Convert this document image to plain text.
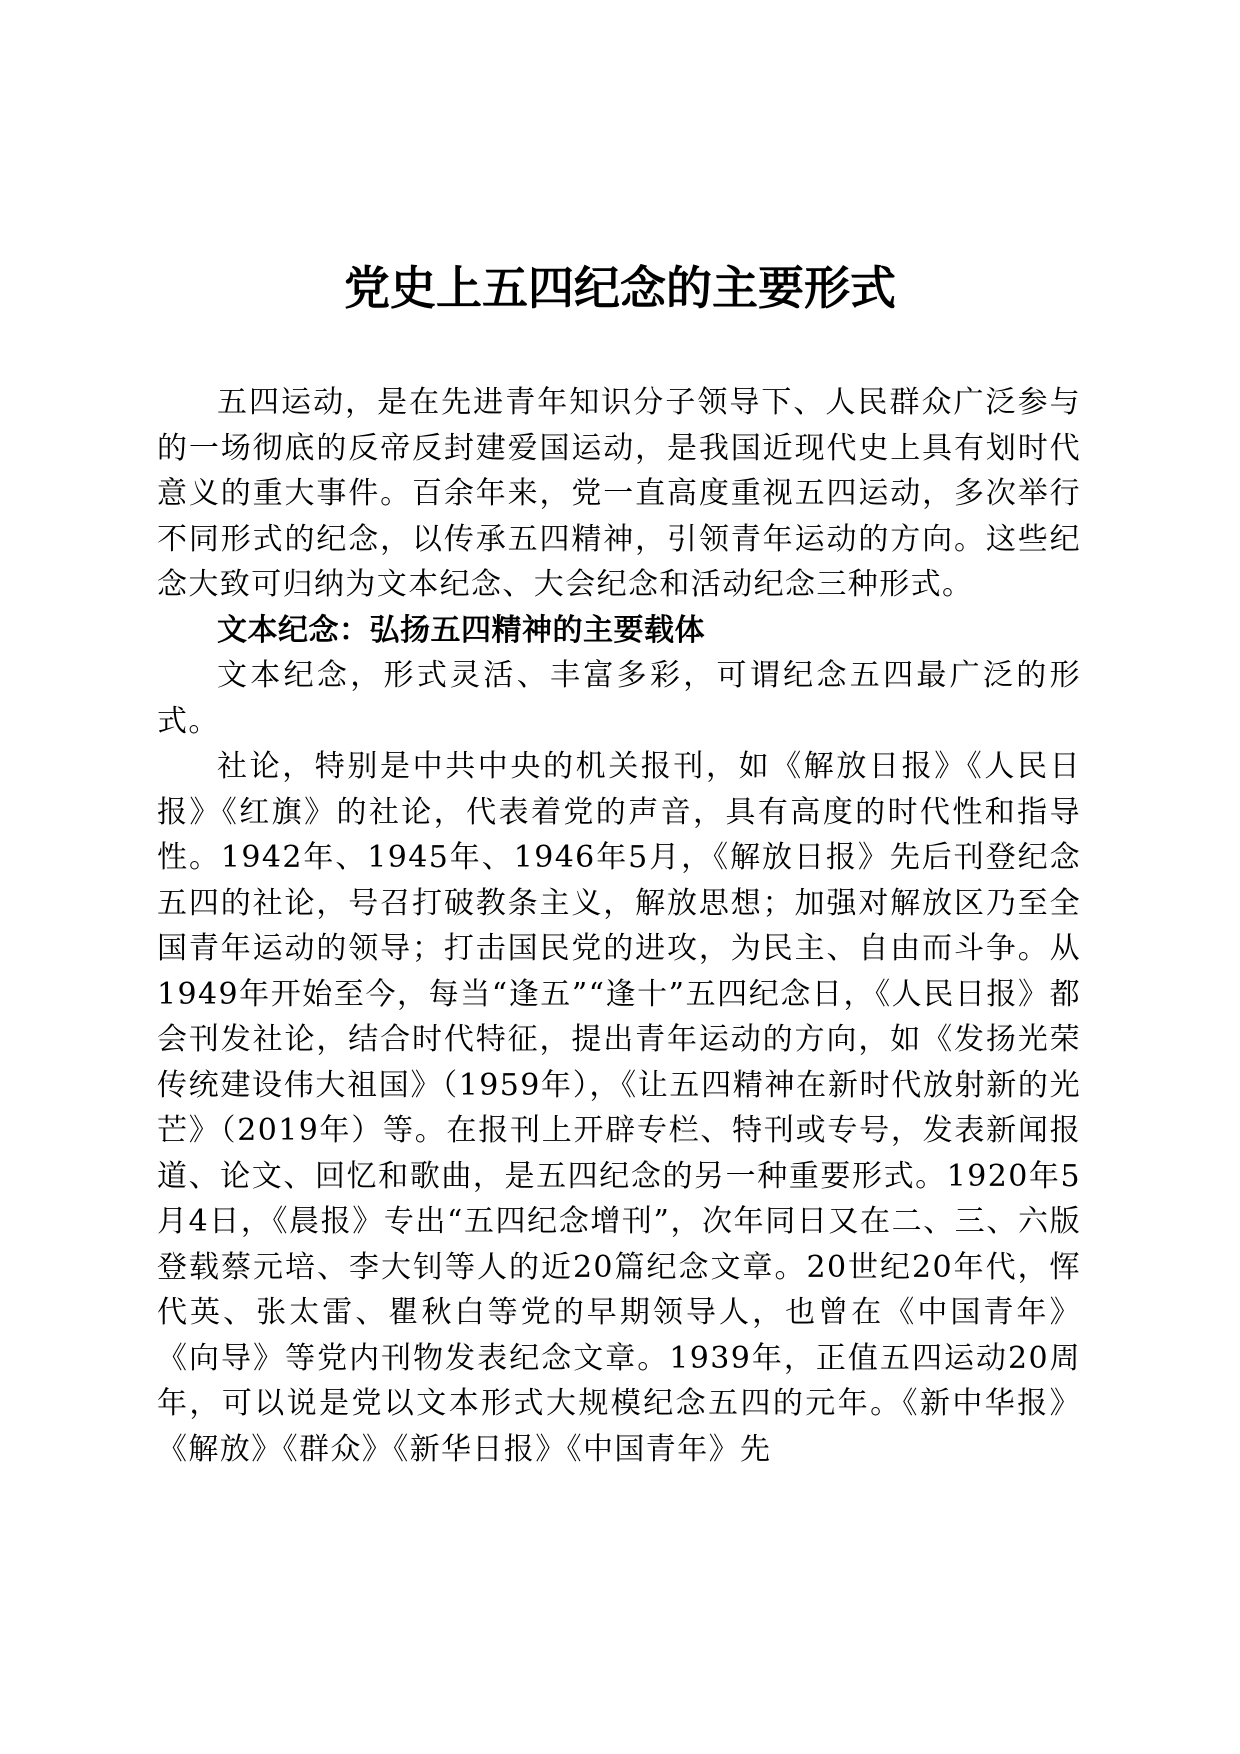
党史上五四纪念的主要形式

五四运动，是在先进青年知识分子领导下、人民群众广泛参与的一场彻底的反帝反封建爱国运动，是我国近现代史上具有划时代意义的重大事件。百余年来，党一直高度重视五四运动，多次举行不同形式的纪念，以传承五四精神，引领青年运动的方向。这些纪念大致可归纳为文本纪念、大会纪念和活动纪念三种形式。

文本纪念：弘扬五四精神的主要载体

文本纪念，形式灵活、丰富多彩，可谓纪念五四最广泛的形式。

社论，特别是中共中央的机关报刊，如《解放日报》《人民日报》《红旗》的社论，代表着党的声音，具有高度的时代性和指导性。1942年、1945年、1946年5月，《解放日报》先后刊登纪念五四的社论，号召打破教条主义，解放思想；加强对解放区乃至全国青年运动的领导；打击国民党的进攻，为民主、自由而斗争。从1949年开始至今，每当“逢五”“逢十”五四纪念日，《人民日报》都会刊发社论，结合时代特征，提出青年运动的方向，如《发扬光荣传统建设伟大祖国》（1959年），《让五四精神在新时代放射新的光芒》（2019年）等。在报刊上开辟专栏、特刊或专号，发表新闻报道、论文、回忆和歌曲，是五四纪念的另一种重要形式。1920年5月4日，《晨报》专出“五四纪念增刊”，次年同日又在二、三、六版登载蔡元培、李大钊等人的近20篇纪念文章。20世纪20年代，恽代英、张太雷、瞿秋白等党的早期领导人，也曾在《中国青年》《向导》等党内刊物发表纪念文章。1939年，正值五四运动20周年，可以说是党以文本形式大规模纪念五四的元年。《新中华报》《解放》《群众》《新华日报》《中国青年》先
